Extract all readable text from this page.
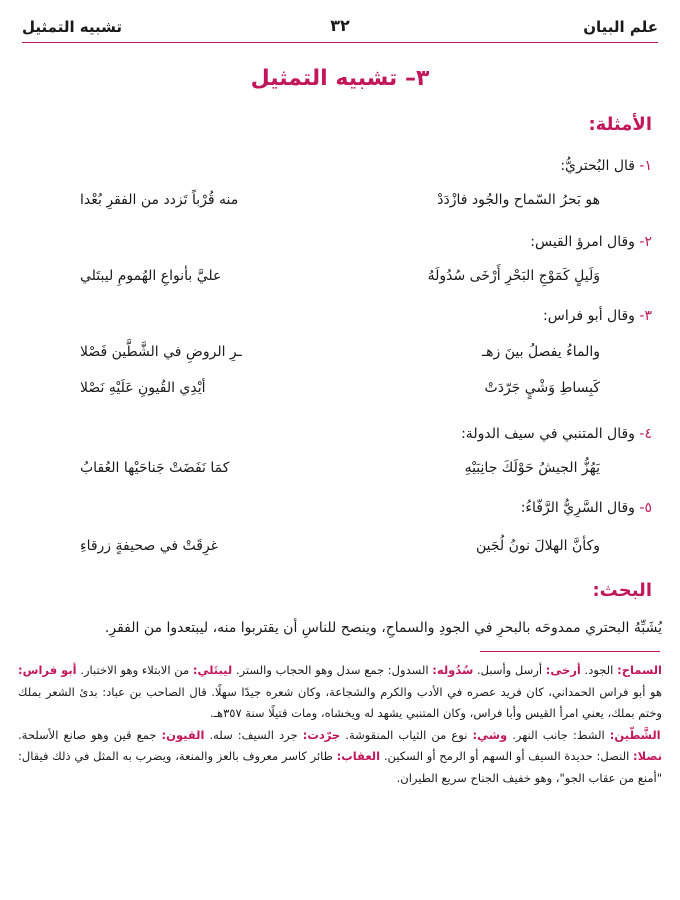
علم البيان
٣٢
تشبيه التمثيل
٣– تشبيه التمثيل
الأمثلة:
١- قال البُحتريُّ:
هو بَحرُ السّماح والجُود فازْدَدْ
منه قُرْباً تَزدد من الفقرِ بُعْدا
٢- وقال امرؤ القيس:
وَلَيلٍ كَمَوْجِ البَحْرِ أَرْخَى سُدُولَهُ
عليَّ بأنواعِ الهُمومِ ليبتَلي
٣- وقال أبو فراس:
والماءُ يفصلُ بينَ زهـ
ـرِ الروضِ في الشَّطَّين فَصْلا
كَبِساطِ وَشْيٍ جَرّدَتْ
أيْدِي القُيونِ عَلَيْهِ نَصْلا
٤- وقال المتنبي في سيف الدولة:
يَهُزُّ الجيشُ حَوْلَكَ جانِبَيْهِ
كمَا نَفَضَتْ جَناحَيْها العُقابُ
٥- وقال السَّرِيُّ الرَّفّاءُ:
وكأنَّ الهلالَ نونُ لُجَين
غرِقَتْ في صحيفةٍ زرقاءِ
البحث:
يُشَبِّهُ البحتري ممدوحَه بالبحرِ في الجودِ والسماحِ، وينصح للناسِ أن يقتربوا منه، ليبتعدوا من الفقرِ.

السماح: الجود. أرخى: أرسل وأسبل. سُدُوله: السدول: جمع سدل وهو الحجاب والستر. ليبتَلي: من الابتلاء وهو الاختبار. أبو فراس: هو أبو فراس الحمداني، كان فريد عصره في الأدب والكرم والشجاعة، وكان شعره جيدًا سهلًا. قال الصاحب بن عباد: بدئ الشعر بملك وختم بملك، يعني امرأ القيس وأبا فراس، وكان المتنبي يشهد له ويخشاه، ومات قتيلًا سنة ٣٥٧هـ.

الشَّطّين: الشط: جانب النهر. وشي: نوع من الثياب المنقوشة. جرّدت: جرد السيف: سله. القيون: جمع قين وهو صانع الأسلحة. نصلا: النصل: حديدة السيف أو السهم أو الرمح أو السكين. العقاب: طائر كاسر معروف بالعز والمنعة، ويضرب به المثل في ذلك فيقال: "أمنع من عقاب الجو"، وهو خفيف الجناح سريع الطيران.
